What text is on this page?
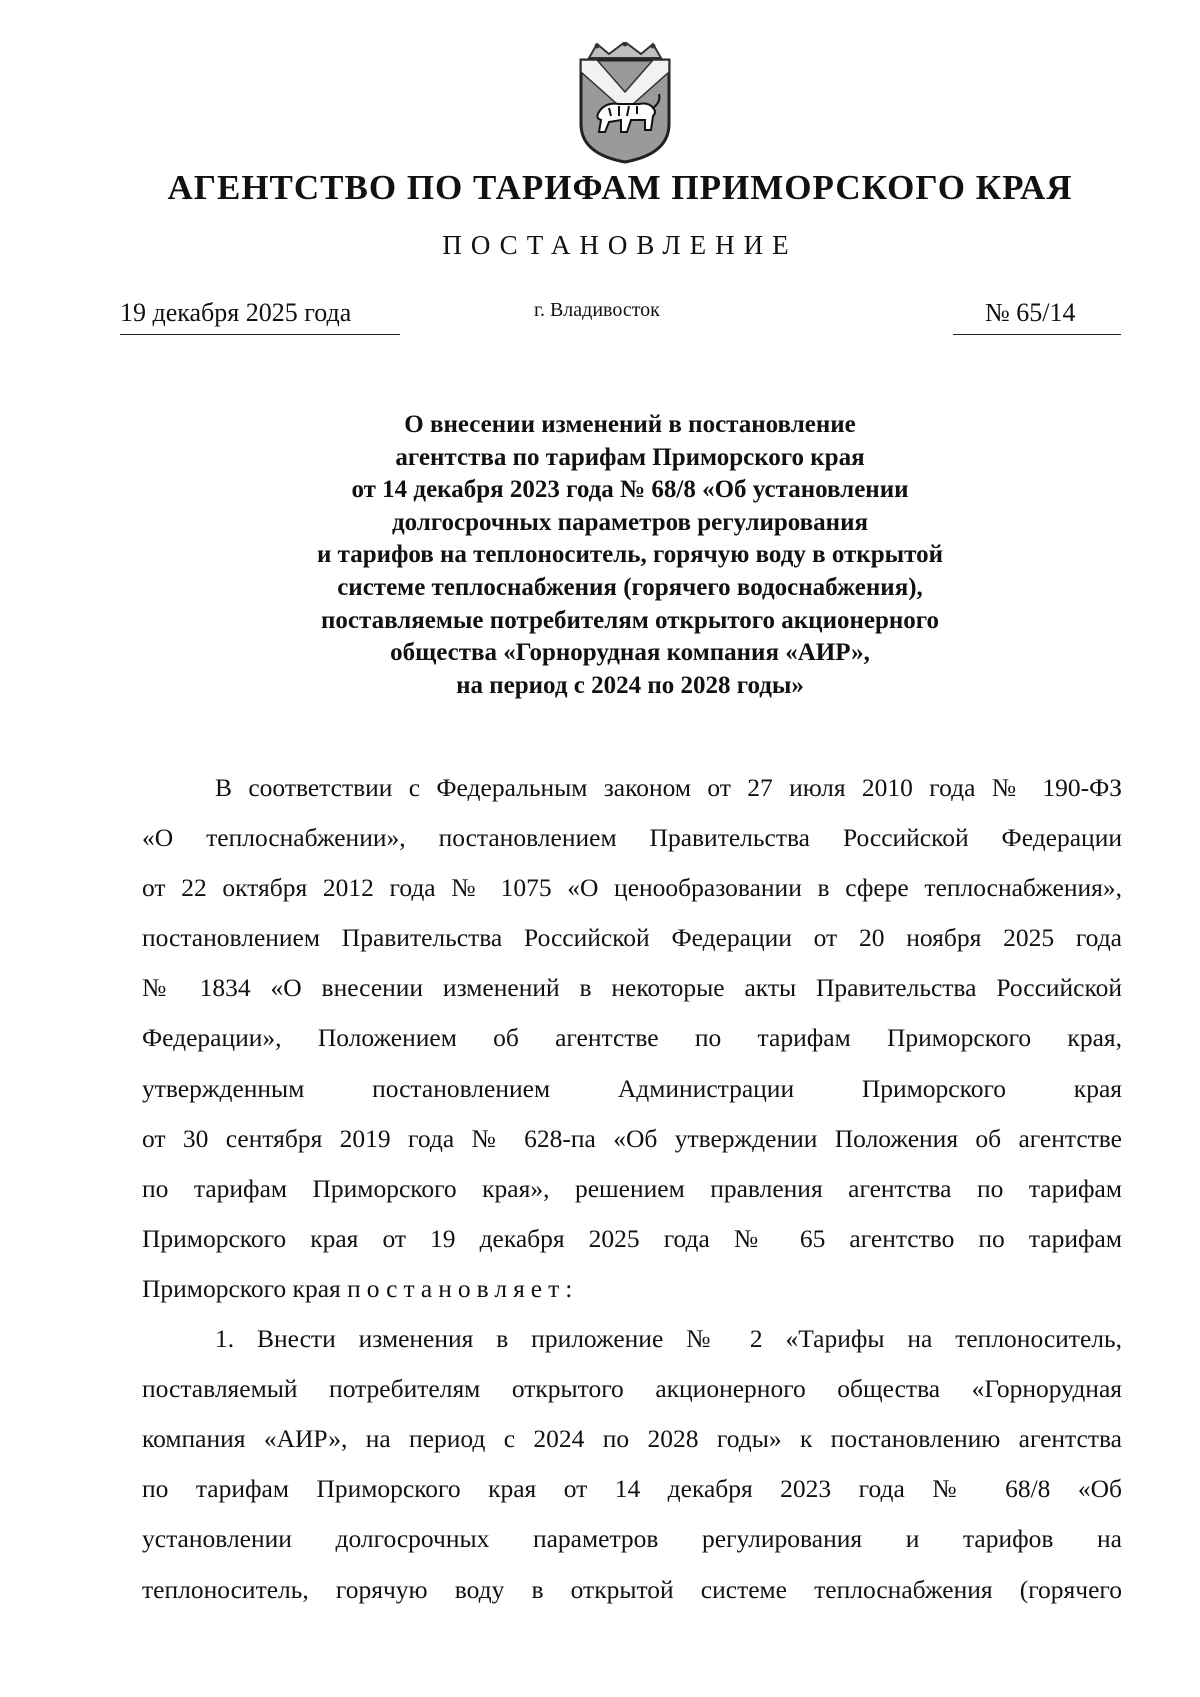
АГЕНТСТВО ПО ТАРИФАМ ПРИМОРСКОГО КРАЯ
ПОСТАНОВЛЕНИЕ
19 декабря 2025 года	г. Владивосток	№ 65/14
О внесении изменений в постановление
агентства по тарифам Приморского края
от 14 декабря 2023 года № 68/8 «Об установлении
долгосрочных параметров регулирования
и тарифов на теплоноситель, горячую воду в открытой
системе теплоснабжения (горячего водоснабжения),
поставляемые потребителям открытого акционерного
общества «Горнорудная компания «АИР»,
на период с 2024 по 2028 годы»
В соответствии с Федеральным законом от 27 июля 2010 года № 190-ФЗ
«О теплоснабжении», постановлением Правительства Российской Федерации
от 22 октября 2012 года № 1075 «О ценообразовании в сфере теплоснабжения»,
постановлением Правительства Российской Федерации от 20 ноября 2025 года
№ 1834 «О внесении изменений в некоторые акты Правительства Российской
Федерации», Положением об агентстве по тарифам Приморского края,
утвержденным постановлением Администрации Приморского края
от 30 сентября 2019 года № 628-па «Об утверждении Положения об агентстве
по тарифам Приморского края», решением правления агентства по тарифам
Приморского края от 19 декабря 2025 года № 65 агентство по тарифам
Приморского края постановляет:
1. Внести изменения в приложение № 2 «Тарифы на теплоноситель,
поставляемый потребителям открытого акционерного общества «Горнорудная
компания «АИР», на период с 2024 по 2028 годы» к постановлению агентства
по тарифам Приморского края от 14 декабря 2023 года № 68/8 «Об
установлении долгосрочных параметров регулирования и тарифов на
теплоноситель, горячую воду в открытой системе теплоснабжения (горячего
